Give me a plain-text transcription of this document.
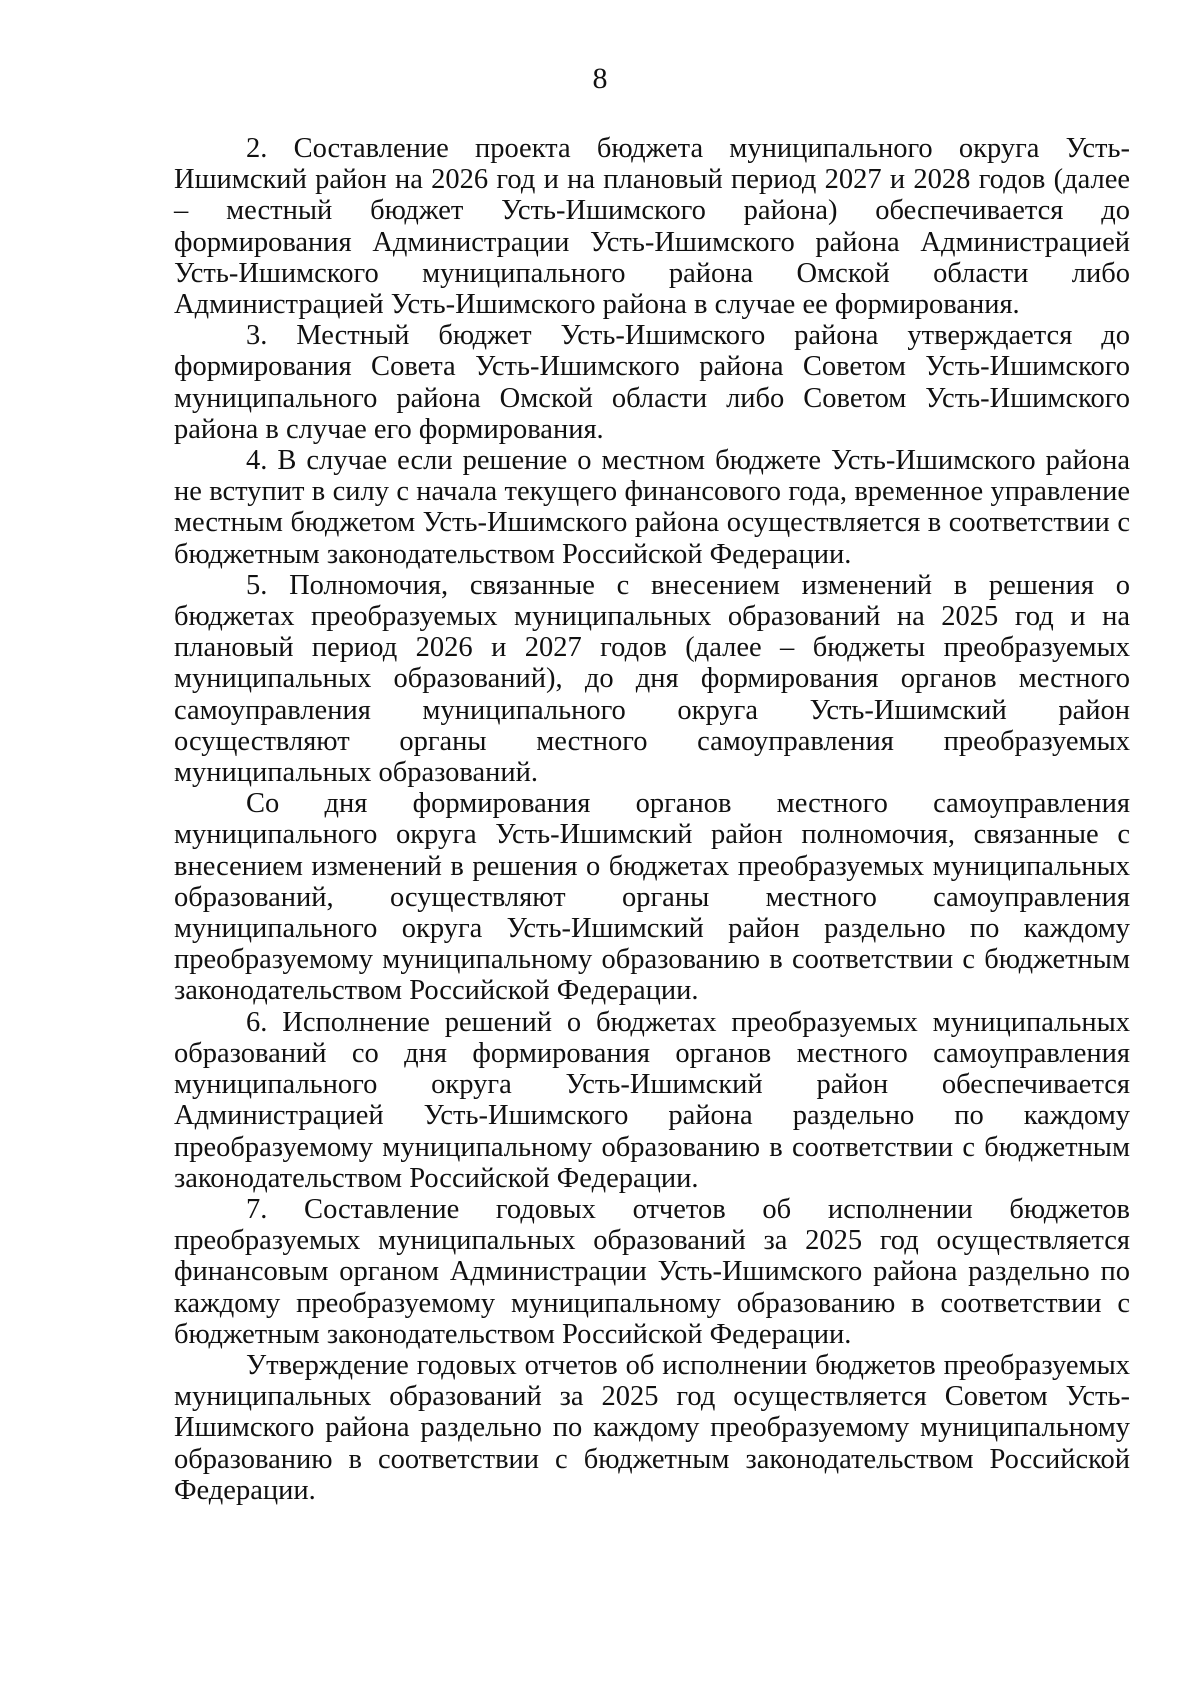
8

2. Составление проекта бюджета муниципального округа Усть-Ишимский район на 2026 год и на плановый период 2027 и 2028 годов (далее – местный бюджет Усть-Ишимского района) обеспечивается до формирования Администрации Усть-Ишимского района Администрацией Усть-Ишимского муниципального района Омской области либо Администрацией Усть-Ишимского района в случае ее формирования.

3. Местный бюджет Усть-Ишимского района утверждается до формирования Совета Усть-Ишимского района Советом Усть-Ишимского муниципального района Омской области либо Советом Усть-Ишимского района в случае его формирования.

4. В случае если решение о местном бюджете Усть-Ишимского района не вступит в силу с начала текущего финансового года, временное управление местным бюджетом Усть-Ишимского района осуществляется в соответствии с бюджетным законодательством Российской Федерации.

5. Полномочия, связанные с внесением изменений в решения о бюджетах преобразуемых муниципальных образований на 2025 год и на плановый период 2026 и 2027 годов (далее – бюджеты преобразуемых муниципальных образований), до дня формирования органов местного самоуправления муниципального округа Усть-Ишимский район осуществляют органы местного самоуправления преобразуемых муниципальных образований.

Со дня формирования органов местного самоуправления муниципального округа Усть-Ишимский район полномочия, связанные с внесением изменений в решения о бюджетах преобразуемых муниципальных образований, осуществляют органы местного самоуправления муниципального округа Усть-Ишимский район раздельно по каждому преобразуемому муниципальному образованию в соответствии с бюджетным законодательством Российской Федерации.

6. Исполнение решений о бюджетах преобразуемых муниципальных образований со дня формирования органов местного самоуправления муниципального округа Усть-Ишимский район обеспечивается Администрацией Усть-Ишимского района раздельно по каждому преобразуемому муниципальному образованию в соответствии с бюджетным законодательством Российской Федерации.

7. Составление годовых отчетов об исполнении бюджетов преобразуемых муниципальных образований за 2025 год осуществляется финансовым органом Администрации Усть-Ишимского района раздельно по каждому преобразуемому муниципальному образованию в соответствии с бюджетным законодательством Российской Федерации.

Утверждение годовых отчетов об исполнении бюджетов преобразуемых муниципальных образований за 2025 год осуществляется Советом Усть-Ишимского района раздельно по каждому преобразуемому муниципальному образованию в соответствии с бюджетным законодательством Российской Федерации.
